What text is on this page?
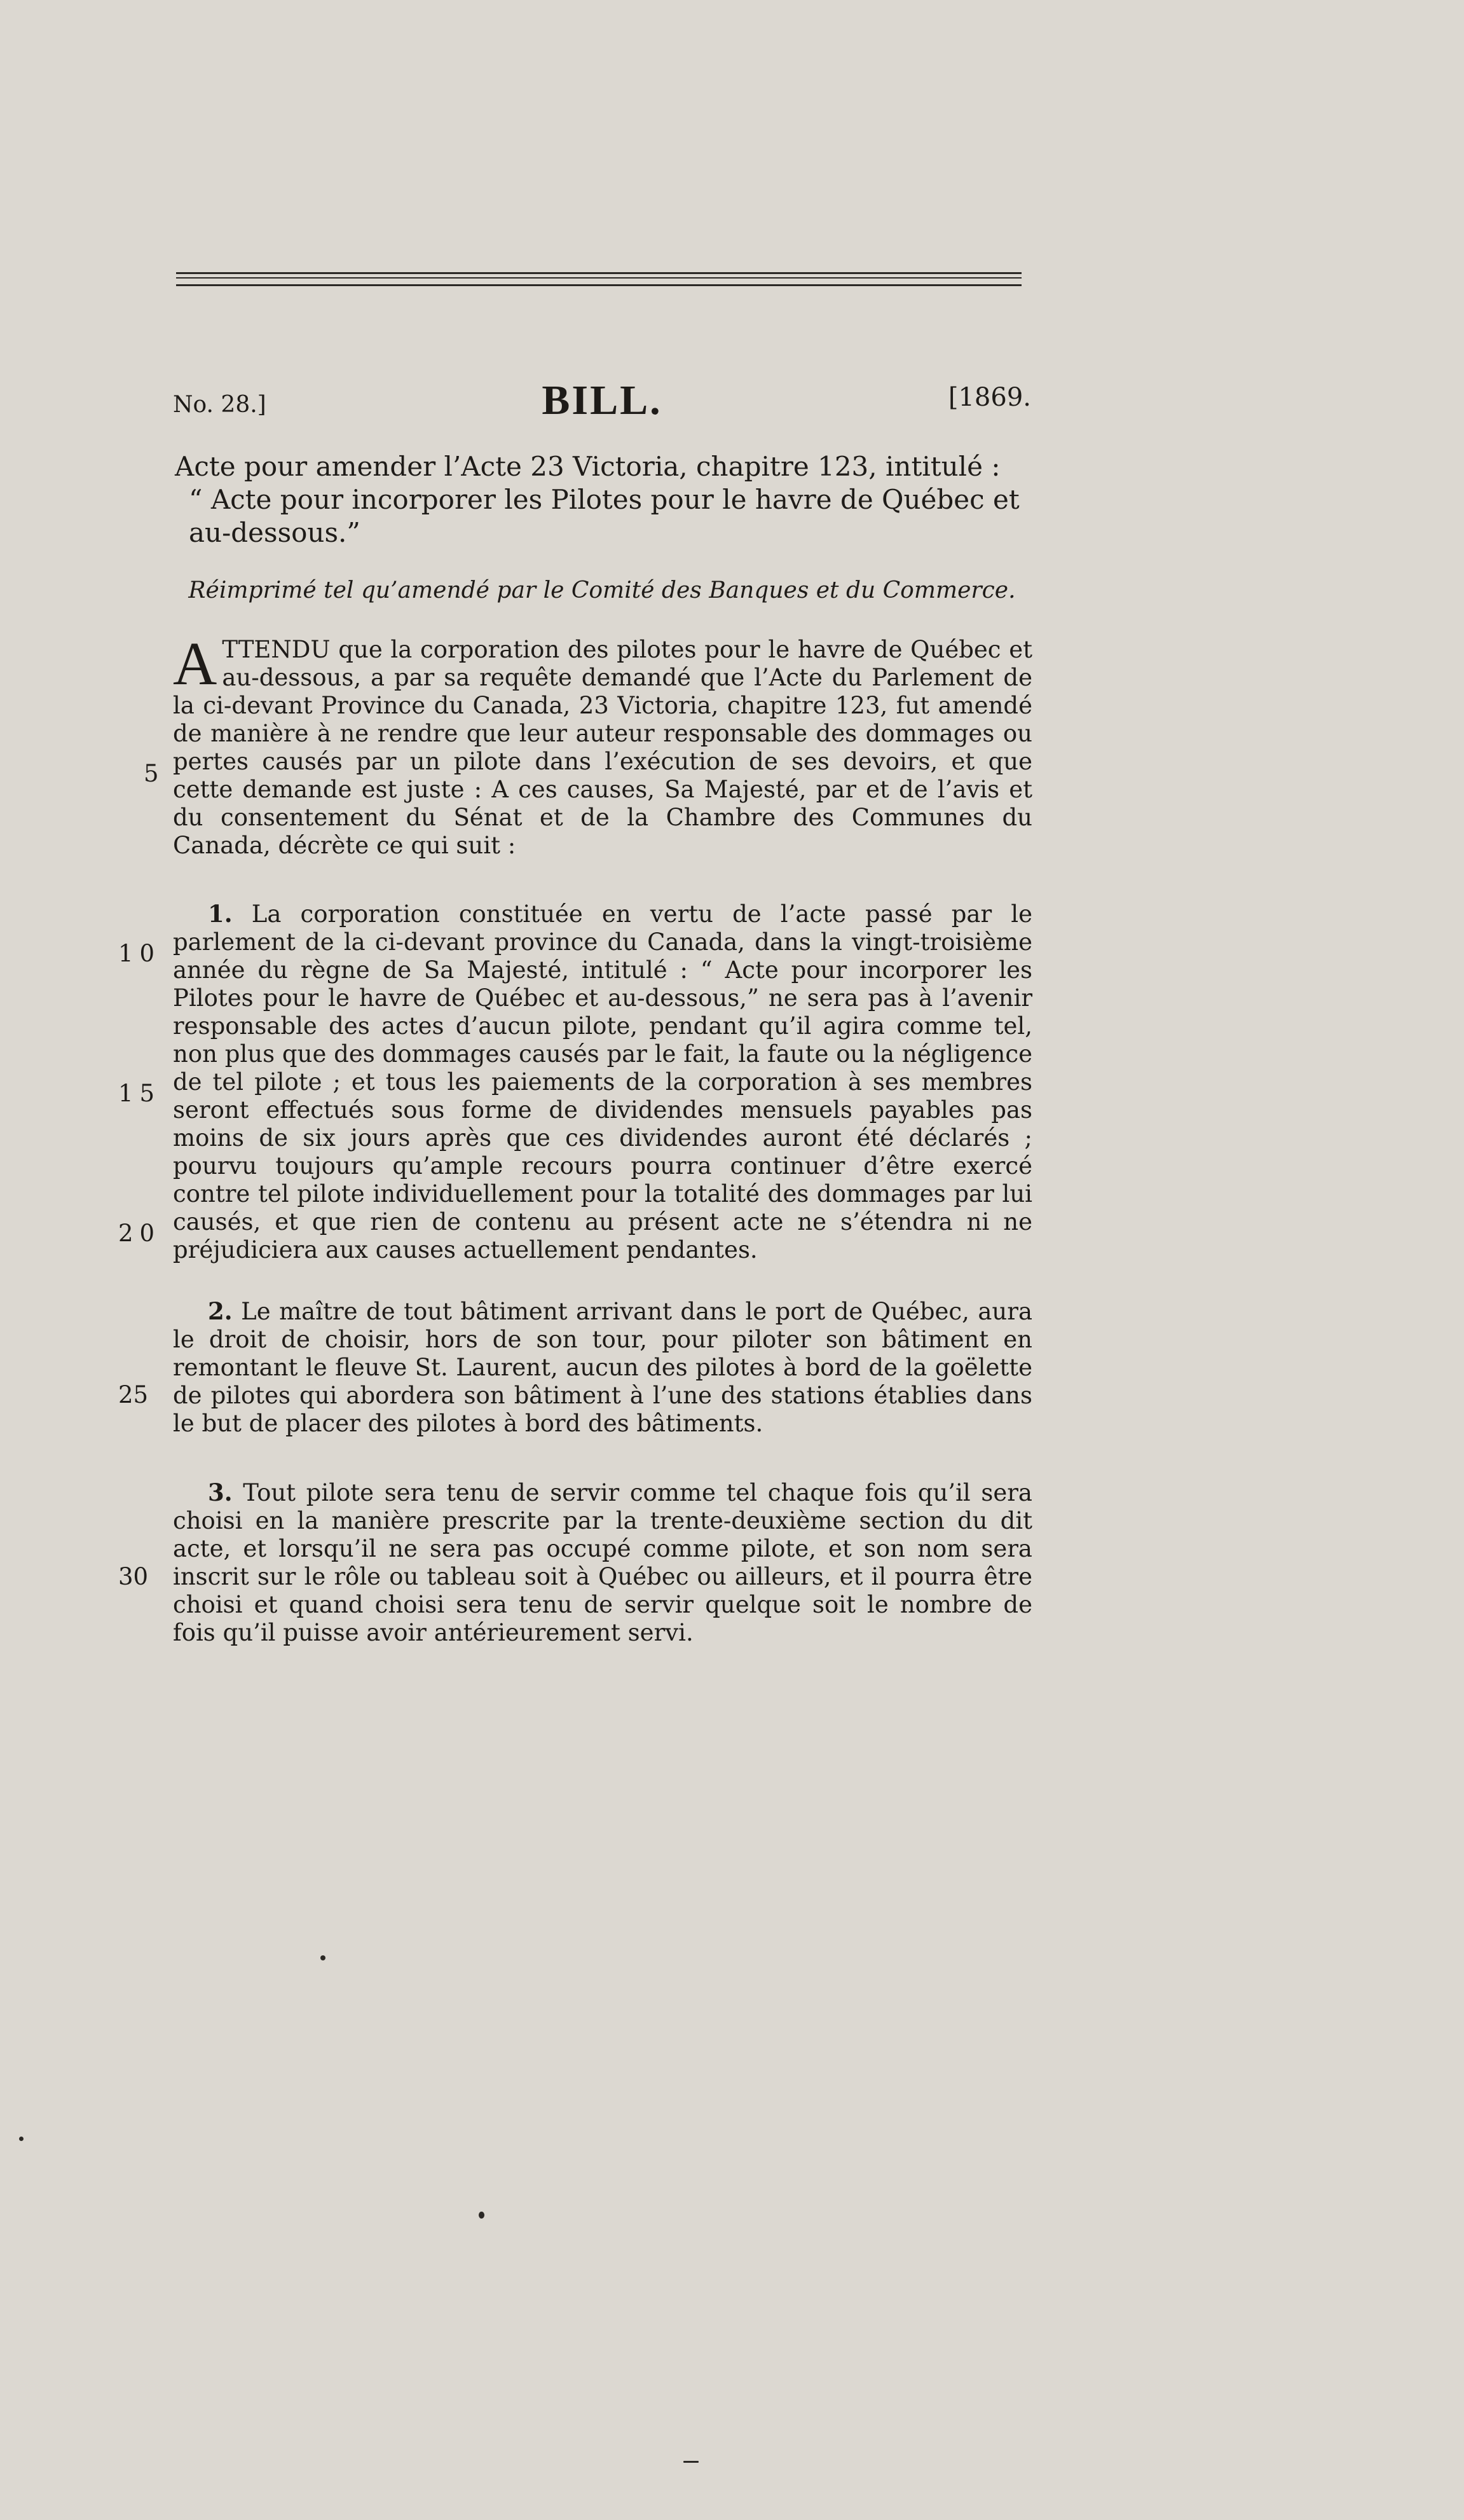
No. 28.]	BILL.	[1869.
Acte pour amender l’Acte 23 Victoria, chapitre 123, intitulé :
“ Acte pour incorporer les Pilotes pour le havre de Québec et au-dessous.”
Réimprimé tel qu’amendé par le Comité des Banques et du Commerce.
ATTENDU que la corporation des pilotes pour le havre de Québec et au-dessous, a par sa requête demandé que l’Acte du Parlement de la ci-devant Province du Canada, 23 Victoria, chapitre 123, fut amendé de manière à ne rendre que leur auteur responsable des dommages ou pertes causés par un pilote dans l’exécution de ses devoirs, et que cette demande est juste : A ces causes, Sa Majesté, par et de l’avis et du consentement du Sénat et de la Chambre des Communes du Canada, décrète ce qui suit :
1. La corporation constituée en vertu de l’acte passé par le parlement de la ci-devant province du Canada, dans la vingt-troisième année du règne de Sa Majesté, intitulé : “ Acte pour incorporer les Pilotes pour le havre de Québec et au-dessous,” ne sera pas à l’avenir responsable des actes d’aucun pilote, pendant qu’il agira comme tel, non plus que des dommages causés par le fait, la faute ou la négligence de tel pilote ; et tous les paiements de la corporation à ses membres seront effectués sous forme de dividendes mensuels payables pas moins de six jours après que ces dividendes auront été déclarés ; pourvu toujours qu’ample recours pourra continuer d’être exercé contre tel pilote individuellement pour la totalité des dommages par lui causés, et que rien de contenu au présent acte ne s’étendra ni ne préjudiciera aux causes actuellement pendantes.
2. Le maître de tout bâtiment arrivant dans le port de Québec, aura le droit de choisir, hors de son tour, pour piloter son bâtiment en remontant le fleuve St. Laurent, aucun des pilotes à bord de la goëlette de pilotes qui abordera son bâtiment à l’une des stations établies dans le but de placer des pilotes à bord des bâtiments.
3. Tout pilote sera tenu de servir comme tel chaque fois qu’il sera choisi en la manière prescrite par la trente-deuxième section du dit acte, et lorsqu’il ne sera pas occupé comme pilote, et son nom sera inscrit sur le rôle ou tableau soit à Québec ou ailleurs, et il pourra être choisi et quand choisi sera tenu de servir quelque soit le nombre de fois qu’il puisse avoir antérieurement servi.
5
10
15
20
25
30
